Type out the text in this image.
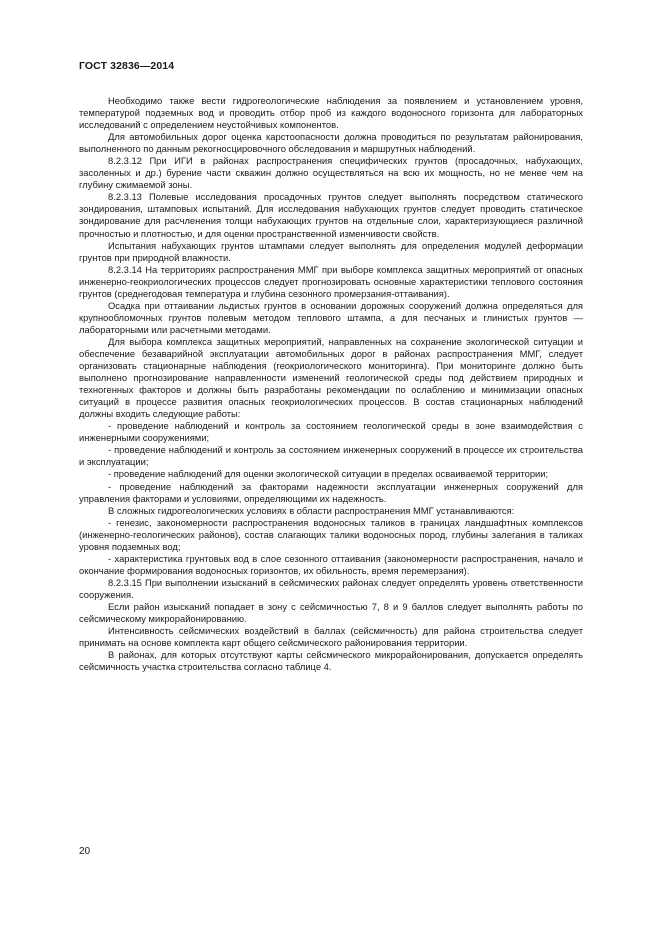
ГОСТ 32836—2014

Необходимо также вести гидрогеологические наблюдения за появлением и установлением уровня, температурой подземных вод и проводить отбор проб из каждого водоносного горизонта для лабораторных исследований с определением неустойчивых компонентов.

Для автомобильных дорог оценка карстоопасности должна проводиться по результатам районирования, выполненного по данным рекогносцировочного обследования и маршрутных наблюдений.

8.2.3.12 При ИГИ в районах распространения специфических грунтов (просадочных, набухающих, засоленных и др.) бурение части скважин должно осуществляться на всю их мощность, но не менее чем на глубину сжимаемой зоны.

8.2.3.13 Полевые исследования просадочных грунтов следует выполнять посредством статического зондирования, штамповых испытаний. Для исследования набухающих грунтов следует проводить статическое зондирование для расчленения толщи набухающих грунтов на отдельные слои, характеризующиеся различной прочностью и плотностью, и для оценки пространственной изменчивости свойств.

Испытания набухающих грунтов штампами следует выполнять для определения модулей деформации грунтов при природной влажности.

8.2.3.14 На территориях распространения ММГ при выборе комплекса защитных мероприятий от опасных инженерно-геокриологических процессов следует прогнозировать основные характеристики теплового состояния грунтов (среднегодовая температура и глубина сезонного промерзания-оттаивания).

Осадка при оттаивании льдистых грунтов в основании дорожных сооружений должна определяться для крупнообломочных грунтов полевым методом теплового штампа, а для песчаных и глинистых грунтов — лабораторными или расчетными методами.

Для выбора комплекса защитных мероприятий, направленных на сохранение экологической ситуации и обеспечение безаварийной эксплуатации автомобильных дорог в районах распространения ММГ, следует организовать стационарные наблюдения (геокриологического мониторинга). При мониторинге должно быть выполнено прогнозирование направленности изменений геологической среды под действием природных и техногенных факторов и должны быть разработаны рекомендации по ослаблению и минимизации опасных ситуаций в процессе развития опасных геокриологических процессов. В состав стационарных наблюдений должны входить следующие работы:

- проведение наблюдений и контроль за состоянием геологической среды в зоне взаимодействия с инженерными сооружениями;

- проведение наблюдений и контроль за состоянием инженерных сооружений в процессе их строительства и эксплуатации;

- проведение наблюдений для оценки экологической ситуации в пределах осваиваемой территории;

- проведение наблюдений за факторами надежности эксплуатации инженерных сооружений для управления факторами и условиями, определяющими их надежность.

В сложных гидрогеологических условиях в области распространения ММГ устанавливаются:

- генезис, закономерности распространения водоносных таликов в границах ландшафтных комплексов (инженерно-геологических районов), состав слагающих талики водоносных пород, глубины залегания в таликах уровня подземных вод;

- характеристика грунтовых вод в слое сезонного оттаивания (закономерности распространения, начало и окончание формирования водоносных горизонтов, их обильность, время перемерзания).

8.2.3.15 При выполнении изысканий в сейсмических районах следует определять уровень ответственности сооружения.

Если район изысканий попадает в зону с сейсмичностью 7, 8 и 9 баллов следует выполнять работы по сейсмическому микрорайонированию.

Интенсивность сейсмических воздействий в баллах (сейсмичность) для района строительства следует принимать на основе комплекта карт общего сейсмического районирования территории.

В районах, для которых отсутствуют карты сейсмического микрорайонирования, допускается определять сейсмичность участка строительства согласно таблице 4.

20
